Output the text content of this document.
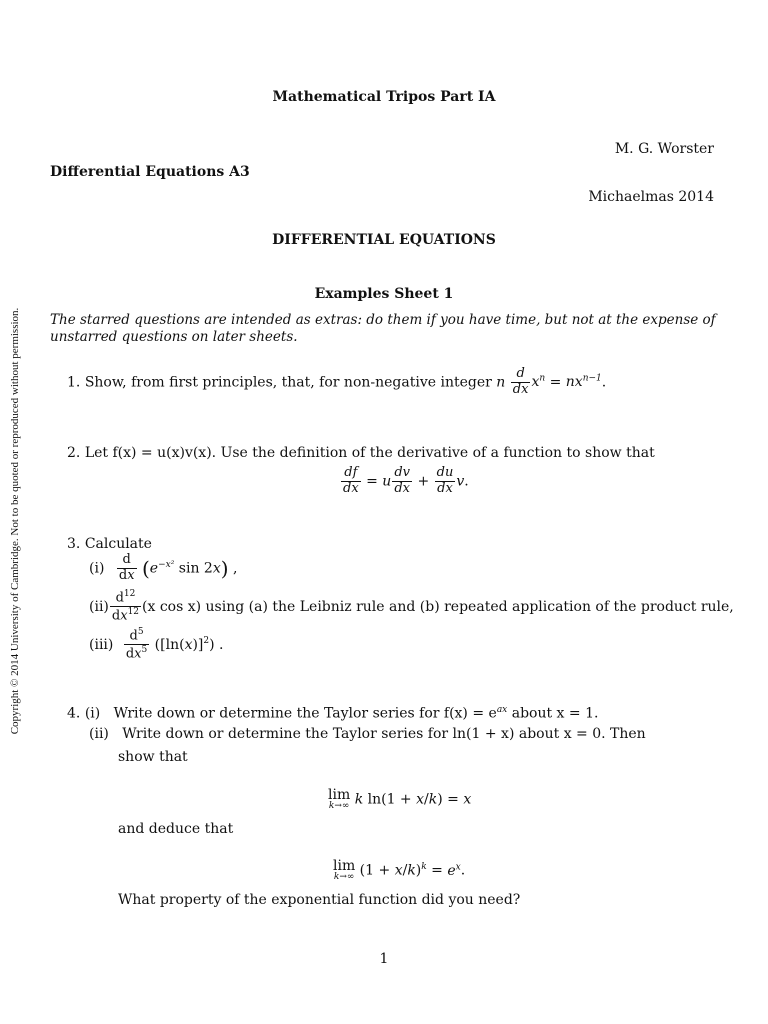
Copyright © 2014 University of Cambridge. Not to be quoted or reproduced without permission.
Mathematical Tripos Part IA
M. G. Worster
Differential Equations A3
Michaelmas 2014
DIFFERENTIAL EQUATIONS
Examples Sheet 1
The starred questions are intended as extras: do them if you have time, but not at the expense of
unstarred questions on later sheets.
1. Show, from first principles, that, for non-negative integer n $\frac{d}{dx} x^n = nx^{n-1}$.
2. Let f(x) = u(x)v(x). Use the definition of the derivative of a function to show that
$\frac{df}{dx} = u \frac{dv}{dx} + \frac{du}{dx} v$.
3. Calculate
$(i) \frac{d}{dx} (e^{-x^2}$ sin 2x) ,
$(ii) \frac{d^{12}}{dx^{12}} (x$ cos x) using (a) the Leibniz rule and (b) repeated application of the product rule,
$(iii) \frac{d^5}{dx^5} ([\ln(x)]^2)$ .
4. (i) Write down or determine the Taylor series for $f(x) = e^{ax}$ about x = 1.
(ii) Write down or determine the Taylor series for ln(1 + x) about x = 0. Then
show that
lim
k→∞ k ln(1 + x/k) = x
and deduce that
lim
k→∞ $(1 + x/k)^k = e^x$.
What property of the exponential function did you need?
1
